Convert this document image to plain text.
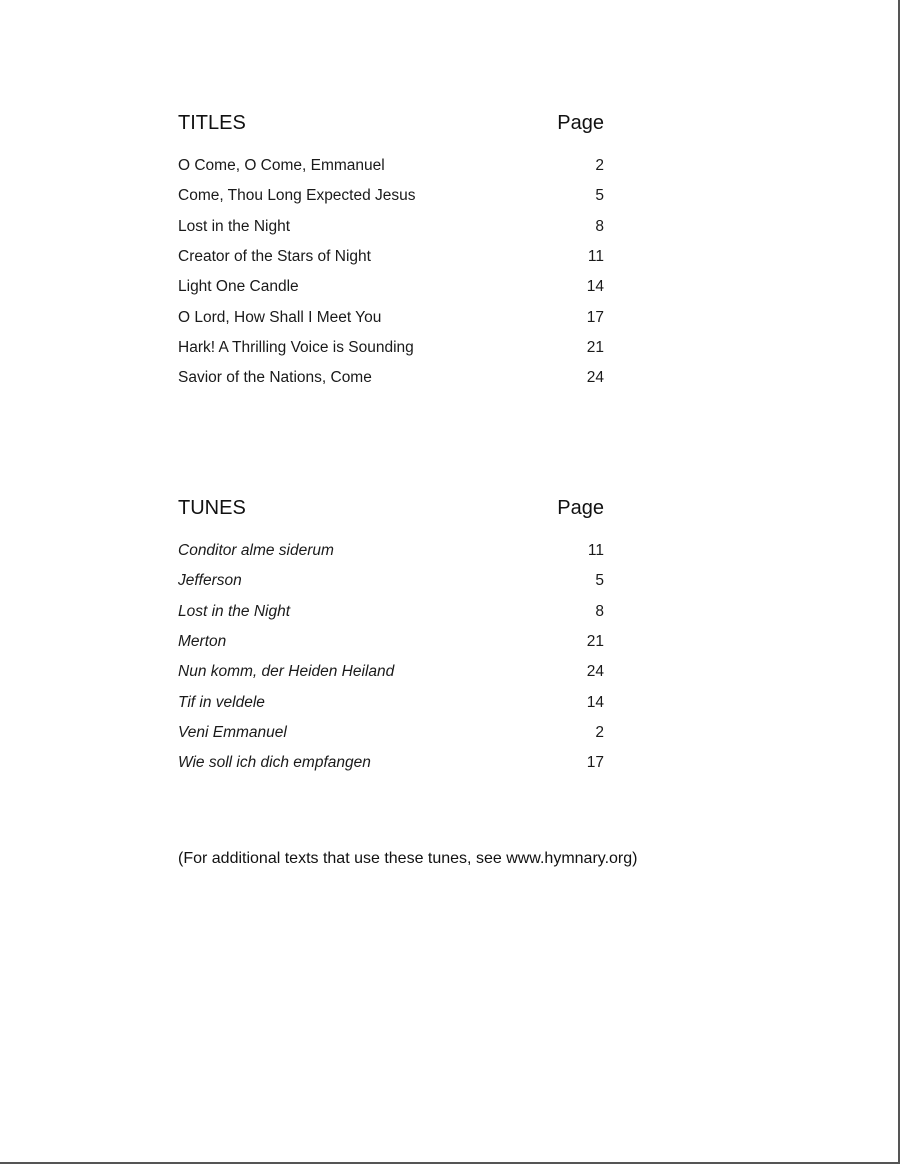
TITLES	Page
O Come, O Come, Emmanuel	2
Come, Thou Long Expected Jesus	5
Lost in the Night	8
Creator of the Stars of Night	11
Light One Candle	14
O Lord, How Shall I Meet You	17
Hark! A Thrilling Voice is Sounding	21
Savior of the Nations, Come	24
TUNES	Page
Conditor alme siderum	11
Jefferson	5
Lost in the Night	8
Merton	21
Nun komm, der Heiden Heiland	24
Tif in veldele	14
Veni Emmanuel	2
Wie soll ich dich empfangen	17
(For additional texts that use these tunes, see www.hymnary.org)
